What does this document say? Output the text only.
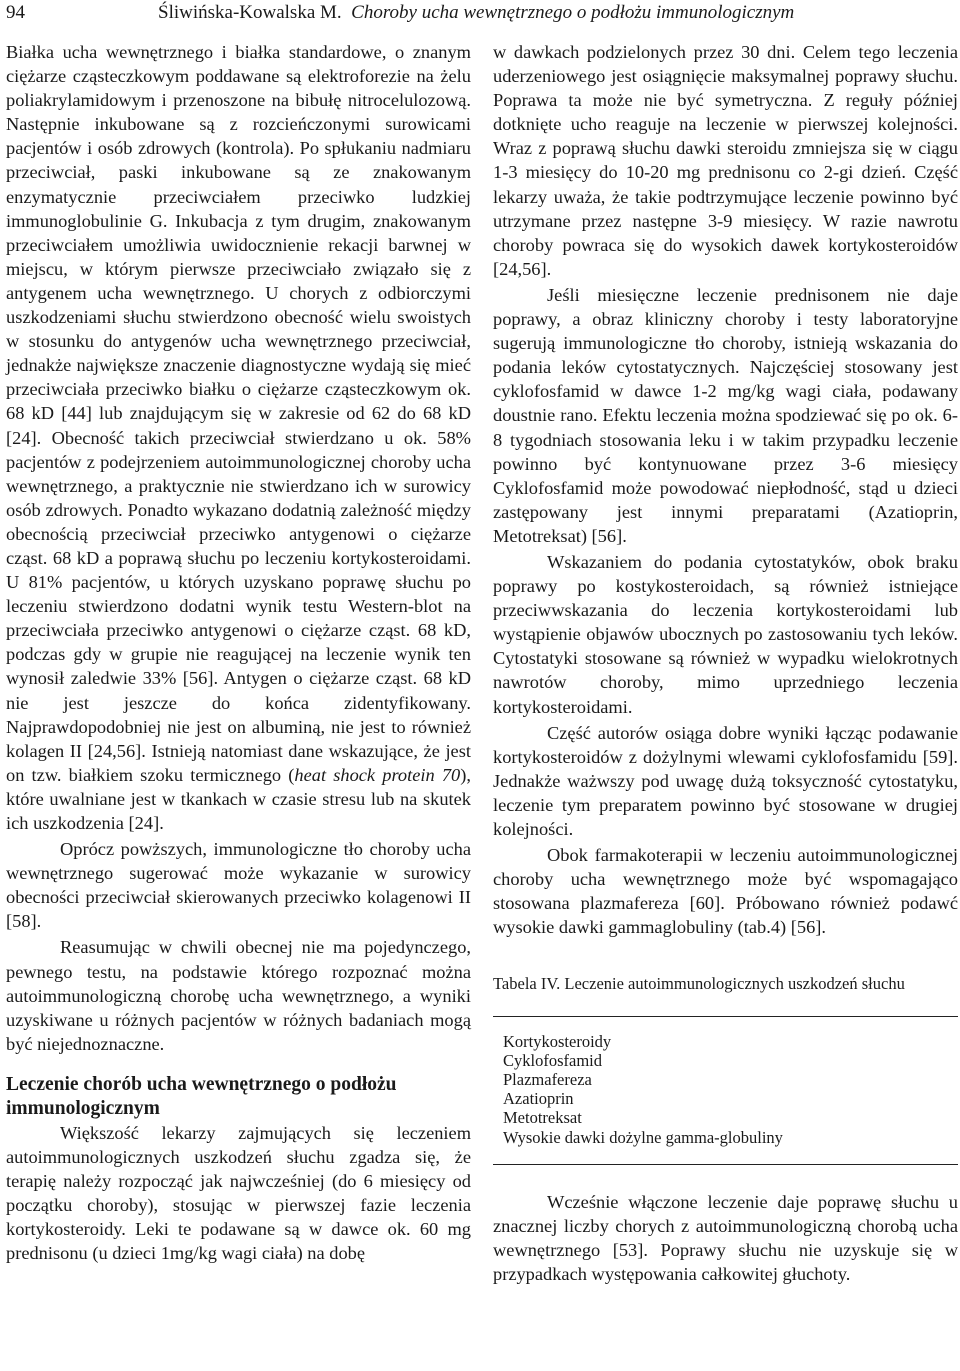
94	Śliwińska-Kowalska M. Choroby ucha wewnętrznego o podłożu immunologicznym

Białka ucha wewnętrznego i białka standardowe, o znanym ciężarze cząsteczkowym poddawane są elektroforezie na żelu poliakrylamidowym i przenoszone na bibułę nitrocelulozową. Następnie inkubowane są z rozcieńczonymi surowicami pacjentów i osób zdrowych (kontrola). Po spłukaniu nadmiaru przeciwciał, paski inkubowane są ze znakowanym enzymatycznie przeciwciałem przeciwko ludzkiej immunoglobulinie G. Inkubacja z tym drugim, znakowanym przeciwciałem umożliwia uwidocznienie rekacji barwnej w miejscu, w którym pierwsze przeciwciało związało się z antygenem ucha wewnętrznego. U chorych z odbiorczymi uszkodzeniami słuchu stwierdzono obecność wielu swoistych w stosunku do antygenów ucha wewnętrznego przeciwciał, jednakże największe znaczenie diagnostyczne wydają się mieć przeciwciała przeciwko białku o ciężarze cząsteczkowym ok. 68 kD [44] lub znajdującym się w zakresie od 62 do 68 kD [24]. Obecność takich przeciwciał stwierdzano u ok. 58% pacjentów z podejrzeniem autoimmunologicznej choroby ucha wewnętrznego, a praktycznie nie stwierdzano ich w surowicy osób zdrowych. Ponadto wykazano dodatnią zależność między obecnością przeciwciał przeciwko antygenowi o ciężarze cząst. 68 kD a poprawą słuchu po leczeniu kortykosteroidami. U 81% pacjentów, u których uzyskano poprawę słuchu po leczeniu stwierdzono dodatni wynik testu Western-blot na przeciwciała przeciwko antygenowi o ciężarze cząst. 68 kD, podczas gdy w grupie nie reagującej na leczenie wynik ten wynosił zaledwie 33% [56]. Antygen o ciężarze cząst. 68 kD nie jest jeszcze do końca zidentyfikowany. Najprawdopodobniej nie jest on albuminą, nie jest to również kolagen II [24,56]. Istnieją natomiast dane wskazujące, że jest on tzw. białkiem szoku termicznego (heat shock protein 70), które uwalniane jest w tkankach w czasie stresu lub na skutek ich uszkodzenia [24].

Oprócz powższych, immunologiczne tło choroby ucha wewnętrznego sugerować może wykazanie w surowicy obecności przeciwciał skierowanych przeciwko kolagenowi II [58].

Reasumując w chwili obecnej nie ma pojedynczego, pewnego testu, na podstawie którego rozpoznać można autoimmunologiczną chorobę ucha wewnętrznego, a wyniki uzyskiwane u różnych pacjentów w różnych badaniach mogą być niejednoznaczne.

Leczenie chorób ucha wewnętrznego o podłożu immunologicznym

Większość lekarzy zajmujących się leczeniem autoimmunologicznych uszkodzeń słuchu zgadza się, że terapię należy rozpocząć jak najwcześniej (do 6 miesięcy od początku choroby), stosując w pierwszej fazie leczenia kortykosteroidy. Leki te podawane są w dawce ok. 60 mg prednisonu (u dzieci 1mg/kg wagi ciała) na dobę

w dawkach podzielonych przez 30 dni. Celem tego leczenia uderzeniowego jest osiągnięcie maksymalnej poprawy słuchu. Poprawa ta może nie być symetryczna. Z reguły później dotknięte ucho reaguje na leczenie w pierwszej kolejności. Wraz z poprawą słuchu dawki steroidu zmniejsza się w ciągu 1-3 miesięcy do 10-20 mg prednisonu co 2-gi dzień. Część lekarzy uważa, że takie podtrzymujące leczenie powinno być utrzymane przez następne 3-9 miesięcy. W razie nawrotu choroby powraca się do wysokich dawek kortykosteroidów [24,56].

Jeśli miesięczne leczenie prednisonem nie daje poprawy, a obraz kliniczny choroby i testy laboratoryjne sugerują immunologiczne tło choroby, istnieją wskazania do podania leków cytostatycznych. Najczęściej stosowany jest cyklofosfamid w dawce 1-2 mg/kg wagi ciała, podawany doustnie rano. Efektu leczenia można spodziewać się po ok. 6-8 tygodniach stosowania leku i w takim przypadku leczenie powinno być kontynuowane przez 3-6 miesięcy Cyklofosfamid może powodować niepłodność, stąd u dzieci zastępowany jest innymi preparatami (Azatioprin, Metotreksat) [56].

Wskazaniem do podania cytostatyków, obok braku poprawy po kostykosteroidach, są również istniejące przeciwwskazania do leczenia kortykosteroidami lub wystąpienie objawów ubocznych po zastosowaniu tych leków. Cytostatyki stosowane są również w wypadku wielokrotnych nawrotów choroby, mimo uprzedniego leczenia kortykosteroidami.

Część autorów osiąga dobre wyniki łącząc podawanie kortykosteroidów z dożylnymi wlewami cyklofosfamidu [59]. Jednakże ważwszy pod uwagę dużą toksyczność cytostatyku, leczenie tym preparatem powinno być stosowane w drugiej kolejności.

Obok farmakoterapii w leczeniu autoimmunologicznej choroby ucha wewnętrznego może być wspomagająco stosowana plazmafereza [60]. Próbowano również podawć wysokie dawki gammaglobuliny (tab.4) [56].

Tabela IV. Leczenie autoimmunologicznych uszkodzeń słuchu
Kortykosteroidy
Cyklofosfamid
Plazmafereza
Azatioprin
Metotreksat
Wysokie dawki dożylne gamma-globuliny

Wcześnie włączone leczenie daje poprawę słuchu u znacznej liczby chorych z autoimmunologiczną chorobą ucha wewnętrznego [53]. Poprawy słuchu nie uzyskuje się w przypadkach występowania całkowitej głuchoty.
